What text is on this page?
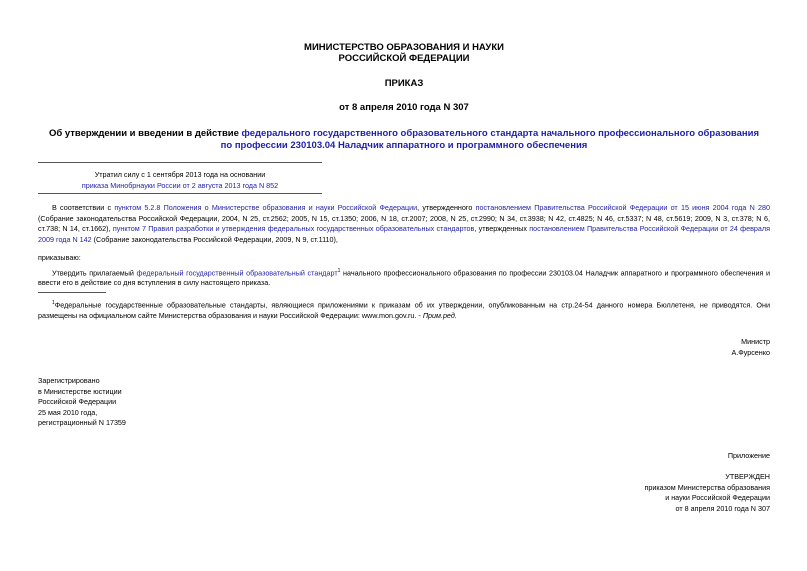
МИНИСТЕРСТВО ОБРАЗОВАНИЯ И НАУКИ
РОССИЙСКОЙ ФЕДЕРАЦИИ
ПРИКАЗ
от 8 апреля 2010 года N 307
Об утверждении и введении в действие федерального государственного образовательного стандарта начального профессионального образования по профессии 230103.04 Наладчик аппаратного и программного обеспечения
Утратил силу с 1 сентября 2013 года на основании
приказа Минобрнауки России от 2 августа 2013 года N 852
В соответствии с пунктом 5.2.8 Положения о Министерстве образования и науки Российской Федерации, утвержденного постановлением Правительства Российской Федерации от 15 июня 2004 года N 280 (Собрание законодательства Российской Федерации, 2004, N 25, ст.2562; 2005, N 15, ст.1350; 2006, N 18, ст.2007; 2008, N 25, ст.2990; N 34, ст.3938; N 42, ст.4825; N 46, ст.5337; N 48, ст.5619; 2009, N 3, ст.378; N 6, ст.738; N 14, ст.1662), пунктом 7 Правил разработки и утверждения федеральных государственных образовательных стандартов, утвержденных постановлением Правительства Российской Федерации от 24 февраля 2009 года N 142 (Собрание законодательства Российской Федерации, 2009, N 9, ст.1110),
приказываю:
Утвердить прилагаемый федеральный государственный образовательный стандарт$^1$ начального профессионального образования по профессии 230103.04 Наладчик аппаратного и программного обеспечения и ввести его в действие со дня вступления в силу настоящего приказа.
$^1$Федеральные государственные образовательные стандарты, являющиеся приложениями к приказам об их утверждении, опубликованным на стр.24-54 данного номера Бюллетеня, не приводятся. Они размещены на официальном сайте Министерства образования и науки Российской Федерации: www.mon.gov.ru. - Прим.ред.
Министр
А.Фурсенко
Зарегистрировано
в Министерстве юстиции
Российской Федерации
25 мая 2010 года,
регистрационный N 17359
Приложение
УТВЕРЖДЕН
приказом Министерства образования
и науки Российской Федерации
от 8 апреля 2010 года N 307
